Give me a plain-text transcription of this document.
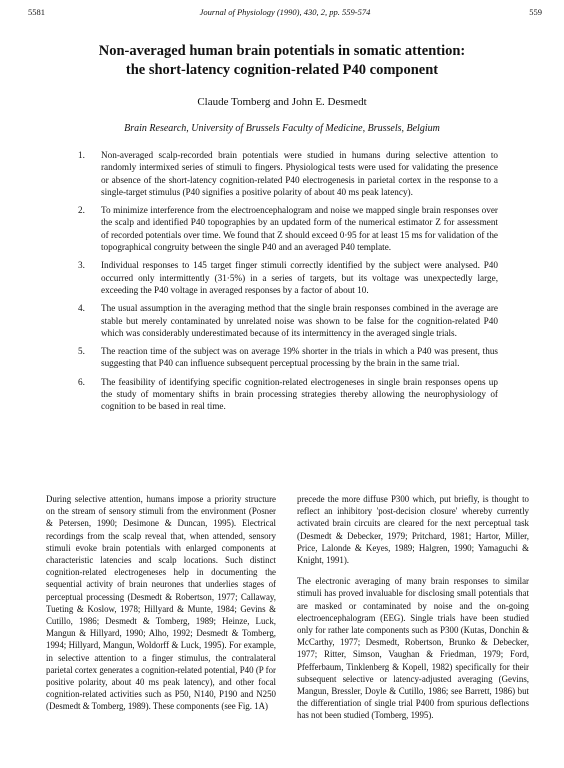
5581	Journal of Physiology (1990), 430, 2, pp. 559-574	559
Non-averaged human brain potentials in somatic attention:
the short-latency cognition-related P40 component
Claude Tomberg and John E. Desmedt
Brain Research, University of Brussels Faculty of Medicine, Brussels, Belgium
1. Non-averaged scalp-recorded brain potentials were studied in humans during selective attention to randomly intermixed series of stimuli to fingers. Physiological tests were used for validating the presence or absence of the short-latency cognition-related P40 electrogenesis in parietal cortex in the response to a single-target stimulus (P40 signifies a positive polarity of about 40 ms peak latency).
2. To minimize interference from the electroencephalogram and noise we mapped single brain responses over the scalp and identified P40 topographies by an updated form of the numerical estimator Z for assessment of recorded potentials over time. We found that Z should exceed 0·95 for at least 15 ms for validation of the topographical congruity between the single P40 and an averaged P40 template.
3. Individual responses to 145 target finger stimuli correctly identified by the subject were analysed. P40 occurred only intermittently (31·5%) in a series of targets, but its voltage was unexpectedly large, exceeding the P40 voltage in averaged responses by a factor of about 10.
4. The usual assumption in the averaging method that the single brain responses combined in the average are stable but merely contaminated by unrelated noise was shown to be false for the cognition-related P40 which was considerably underestimated because of its intermittency in the averaged single trials.
5. The reaction time of the subject was on average 19% shorter in the trials in which a P40 was present, thus suggesting that P40 can influence subsequent perceptual processing by the brain in the same trial.
6. The feasibility of identifying specific cognition-related electrogeneses in single brain responses opens up the study of momentary shifts in brain processing strategies thereby allowing the neurophysiology of cognition to be based in real time.

During selective attention, humans impose a priority structure on the stream of sensory stimuli from the environment (Posner & Petersen, 1990; Desimone & Duncan, 1995). Electrical recordings from the scalp reveal that, when attended, sensory stimuli evoke brain potentials with enlarged components at characteristic latencies and scalp locations. Such distinct cognition-related electrogeneses help in documenting the sequential activity of brain neurones that underlies stages of perceptual processing (Desmedt & Robertson, 1977; Callaway, Tueting & Koslow, 1978; Hillyard & Munte, 1984; Gevins & Cutillo, 1986; Desmedt & Tomberg, 1989; Heinze, Luck, Mangun & Hillyard, 1990; Alho, 1992; Desmedt & Tomberg, 1994; Hillyard, Mangun, Woldorff & Luck, 1995). For example, in selective attention to a finger stimulus, the contralateral parietal cortex generates a cognition-related potential, P40 (P for positive polarity, about 40 ms peak latency), and other focal cognition-related activities such as P50, N140, P190 and N250 (Desmedt & Tomberg, 1989). These components (see Fig. 1A)

precede the more diffuse P300 which, put briefly, is thought to reflect an inhibitory 'post-decision closure' whereby currently activated brain circuits are cleared for the next perceptual task (Desmedt & Debecker, 1979; Pritchard, 1981; Hartor, Miller, Price, Lalonde & Keyes, 1989; Halgren, 1990; Yamaguchi & Knight, 1991).

The electronic averaging of many brain responses to similar stimuli has proved invaluable for disclosing small potentials that are masked or contaminated by noise and the on-going electroencephalogram (EEG). Single trials have been studied only for rather late components such as P300 (Kutas, Donchin & McCarthy, 1977; Desmedt, Robertson, Brunko & Debecker, 1977; Ritter, Simson, Vaughan & Friedman, 1979; Ford, Pfefferbaum, Tinklenberg & Kopell, 1982) specifically for their subsequent selective or latency-adjusted averaging (Gevins, Mangun, Bressler, Doyle & Cutillo, 1986; see Barrett, 1986) but the differentiation of single trial P400 from spurious deflections has not been studied (Tomberg, 1995).
